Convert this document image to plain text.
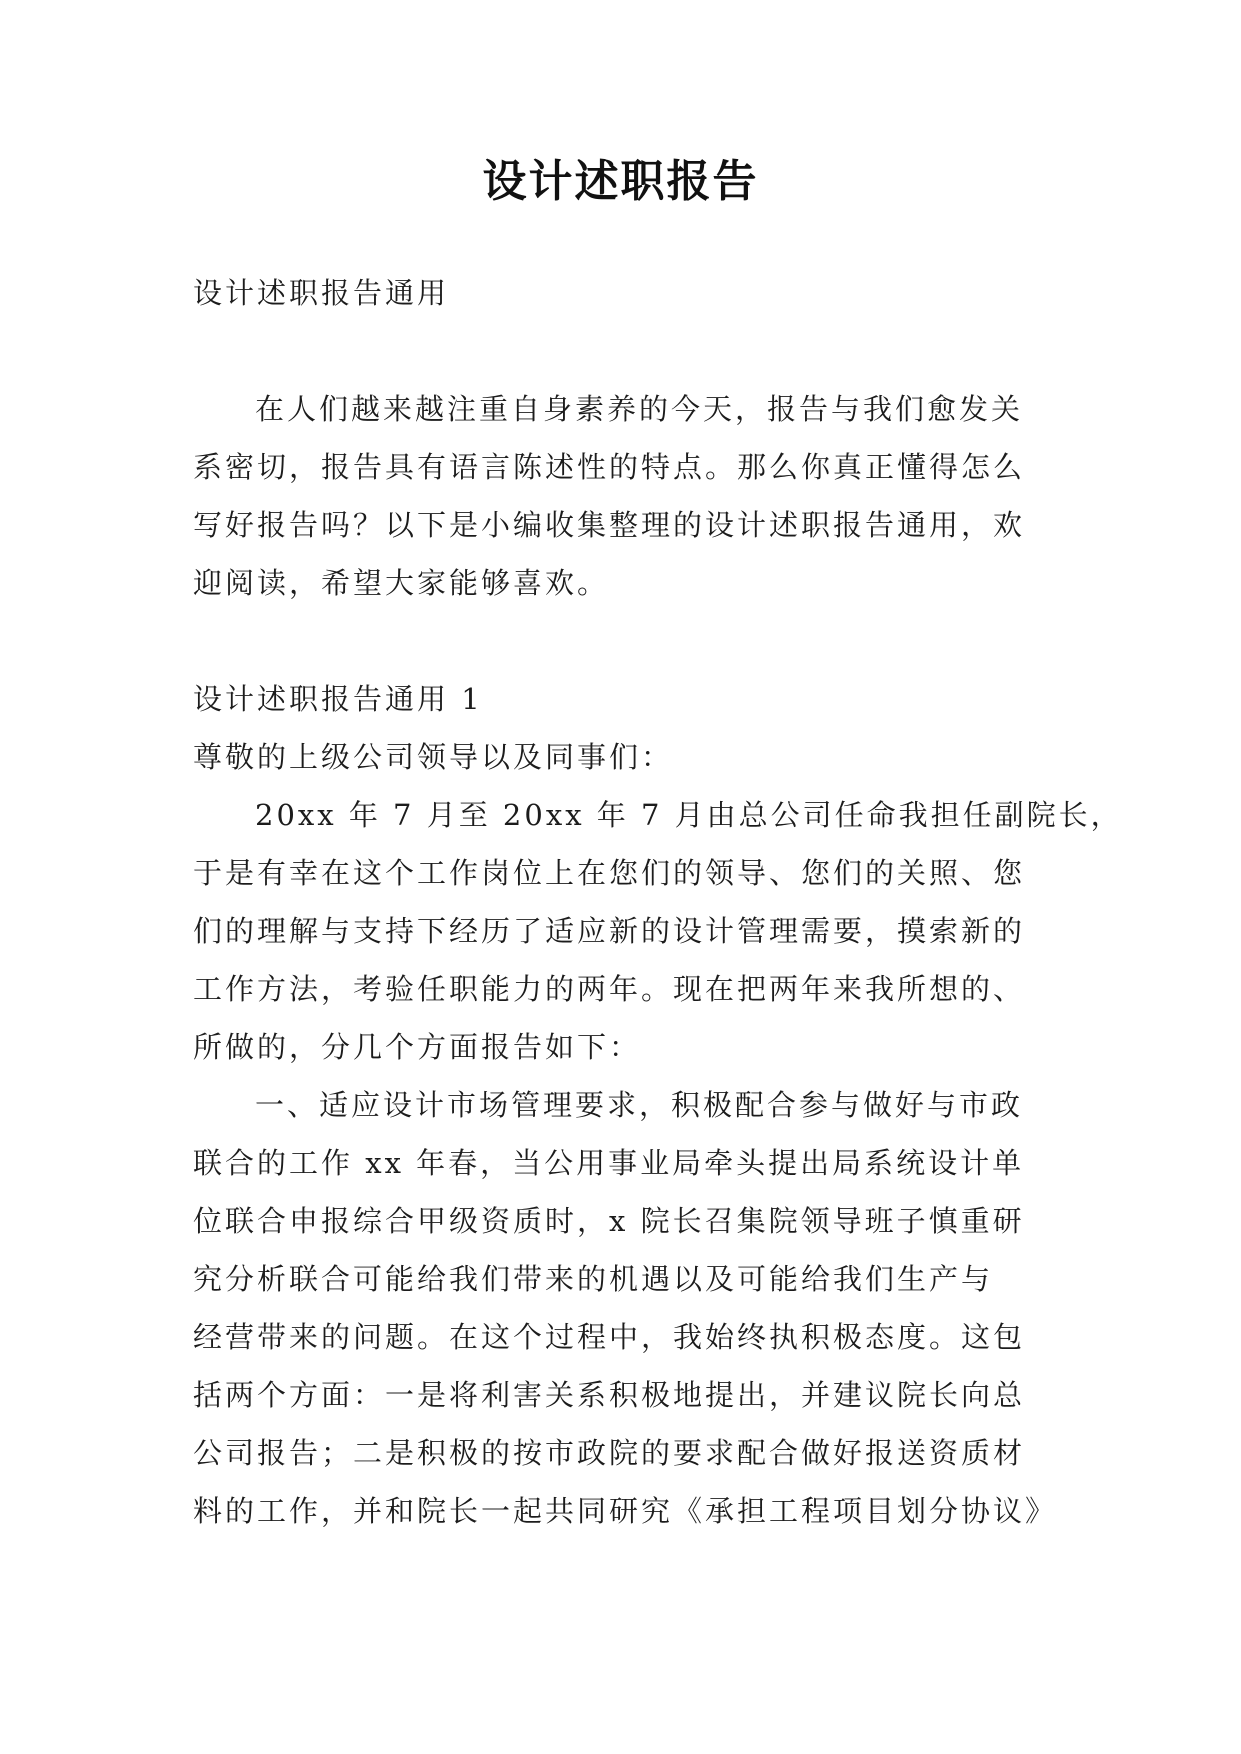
设计述职报告

设计述职报告通用

在人们越来越注重自身素养的今天，报告与我们愈发关

系密切，报告具有语言陈述性的特点。那么你真正懂得怎么

写好报告吗？以下是小编收集整理的设计述职报告通用，欢

迎阅读，希望大家能够喜欢。

设计述职报告通用 1

尊敬的上级公司领导以及同事们：

20xx 年 7 月至 20xx 年 7 月由总公司任命我担任副院长，

于是有幸在这个工作岗位上在您们的领导、您们的关照、您

们的理解与支持下经历了适应新的设计管理需要，摸索新的

工作方法，考验任职能力的两年。现在把两年来我所想的、

所做的，分几个方面报告如下：

一、适应设计市场管理要求，积极配合参与做好与市政

联合的工作 xx 年春，当公用事业局牵头提出局系统设计单

位联合申报综合甲级资质时，x 院长召集院领导班子慎重研

究分析联合可能给我们带来的机遇以及可能给我们生产与

经营带来的问题。在这个过程中，我始终执积极态度。这包

括两个方面：一是将利害关系积极地提出，并建议院长向总

公司报告；二是积极的按市政院的要求配合做好报送资质材

料的工作，并和院长一起共同研究《承担工程项目划分协议》
